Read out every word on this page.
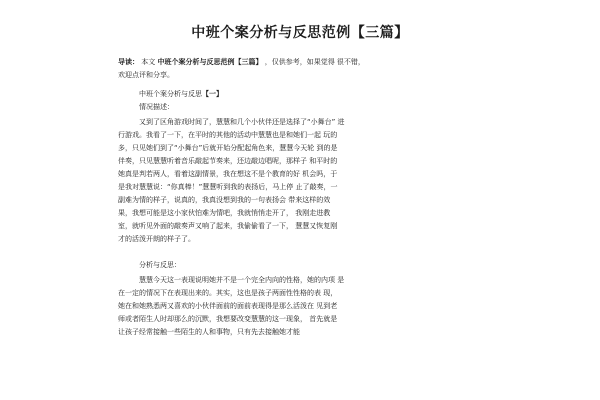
中班个案分析与反思范例【三篇】
导读： 本文 中班个案分析与反思范例【三篇】 ，仅供参考，如果觉得 很不错，
欢迎点评和分享。
中班个案分析与反思【一】
情况描述：
又到了区角游戏时间了，慧慧和几个小伙伴还是选择了“小舞台” 进
行游戏。我看了一下，在平时的其他的活动中慧慧也是和她们一起 玩的
多，只见她们到了“小舞台”后就开始分配起角色来，慧慧今天轮 到的是
伴奏，只见慧慧听着音乐敲起节奏来，还边敲边唱呢，那样子 和平时的
她真是判若两人，看着这副情景，我在想这不是个教育的好 机会吗，于
是我对慧慧说：“你真棒！”慧慧听到我的表扬后，马上停 止了敲奏，一
副难为情的样子，说真的，我真没想到我的一句表扬会 带来这样的效
果，我想可能是这小家伙怕难为情吧，我就悄悄走开了， 我刚走进教
室，就听见外面的敲奏声又响了起来，我偷偷看了一下， 慧慧又恢复刚
才的活泼开朗的样子了。
分析与反思：
慧慧今天这一表现说明她并不是一个完全内向的性格，她的内项 是
在一定的情况下在表现出来的。其实，这也是孩子两面性性格的表 现，
她在和她熟悉两又喜欢的小伙伴面前的面前表现得是那么活泼在 见到老
师或者陌生人时却那么的沉默，我想要改变慧慧的这一现象， 首先就是
让孩子经常接触一些陌生的人和事物，只有先去接触她才能
